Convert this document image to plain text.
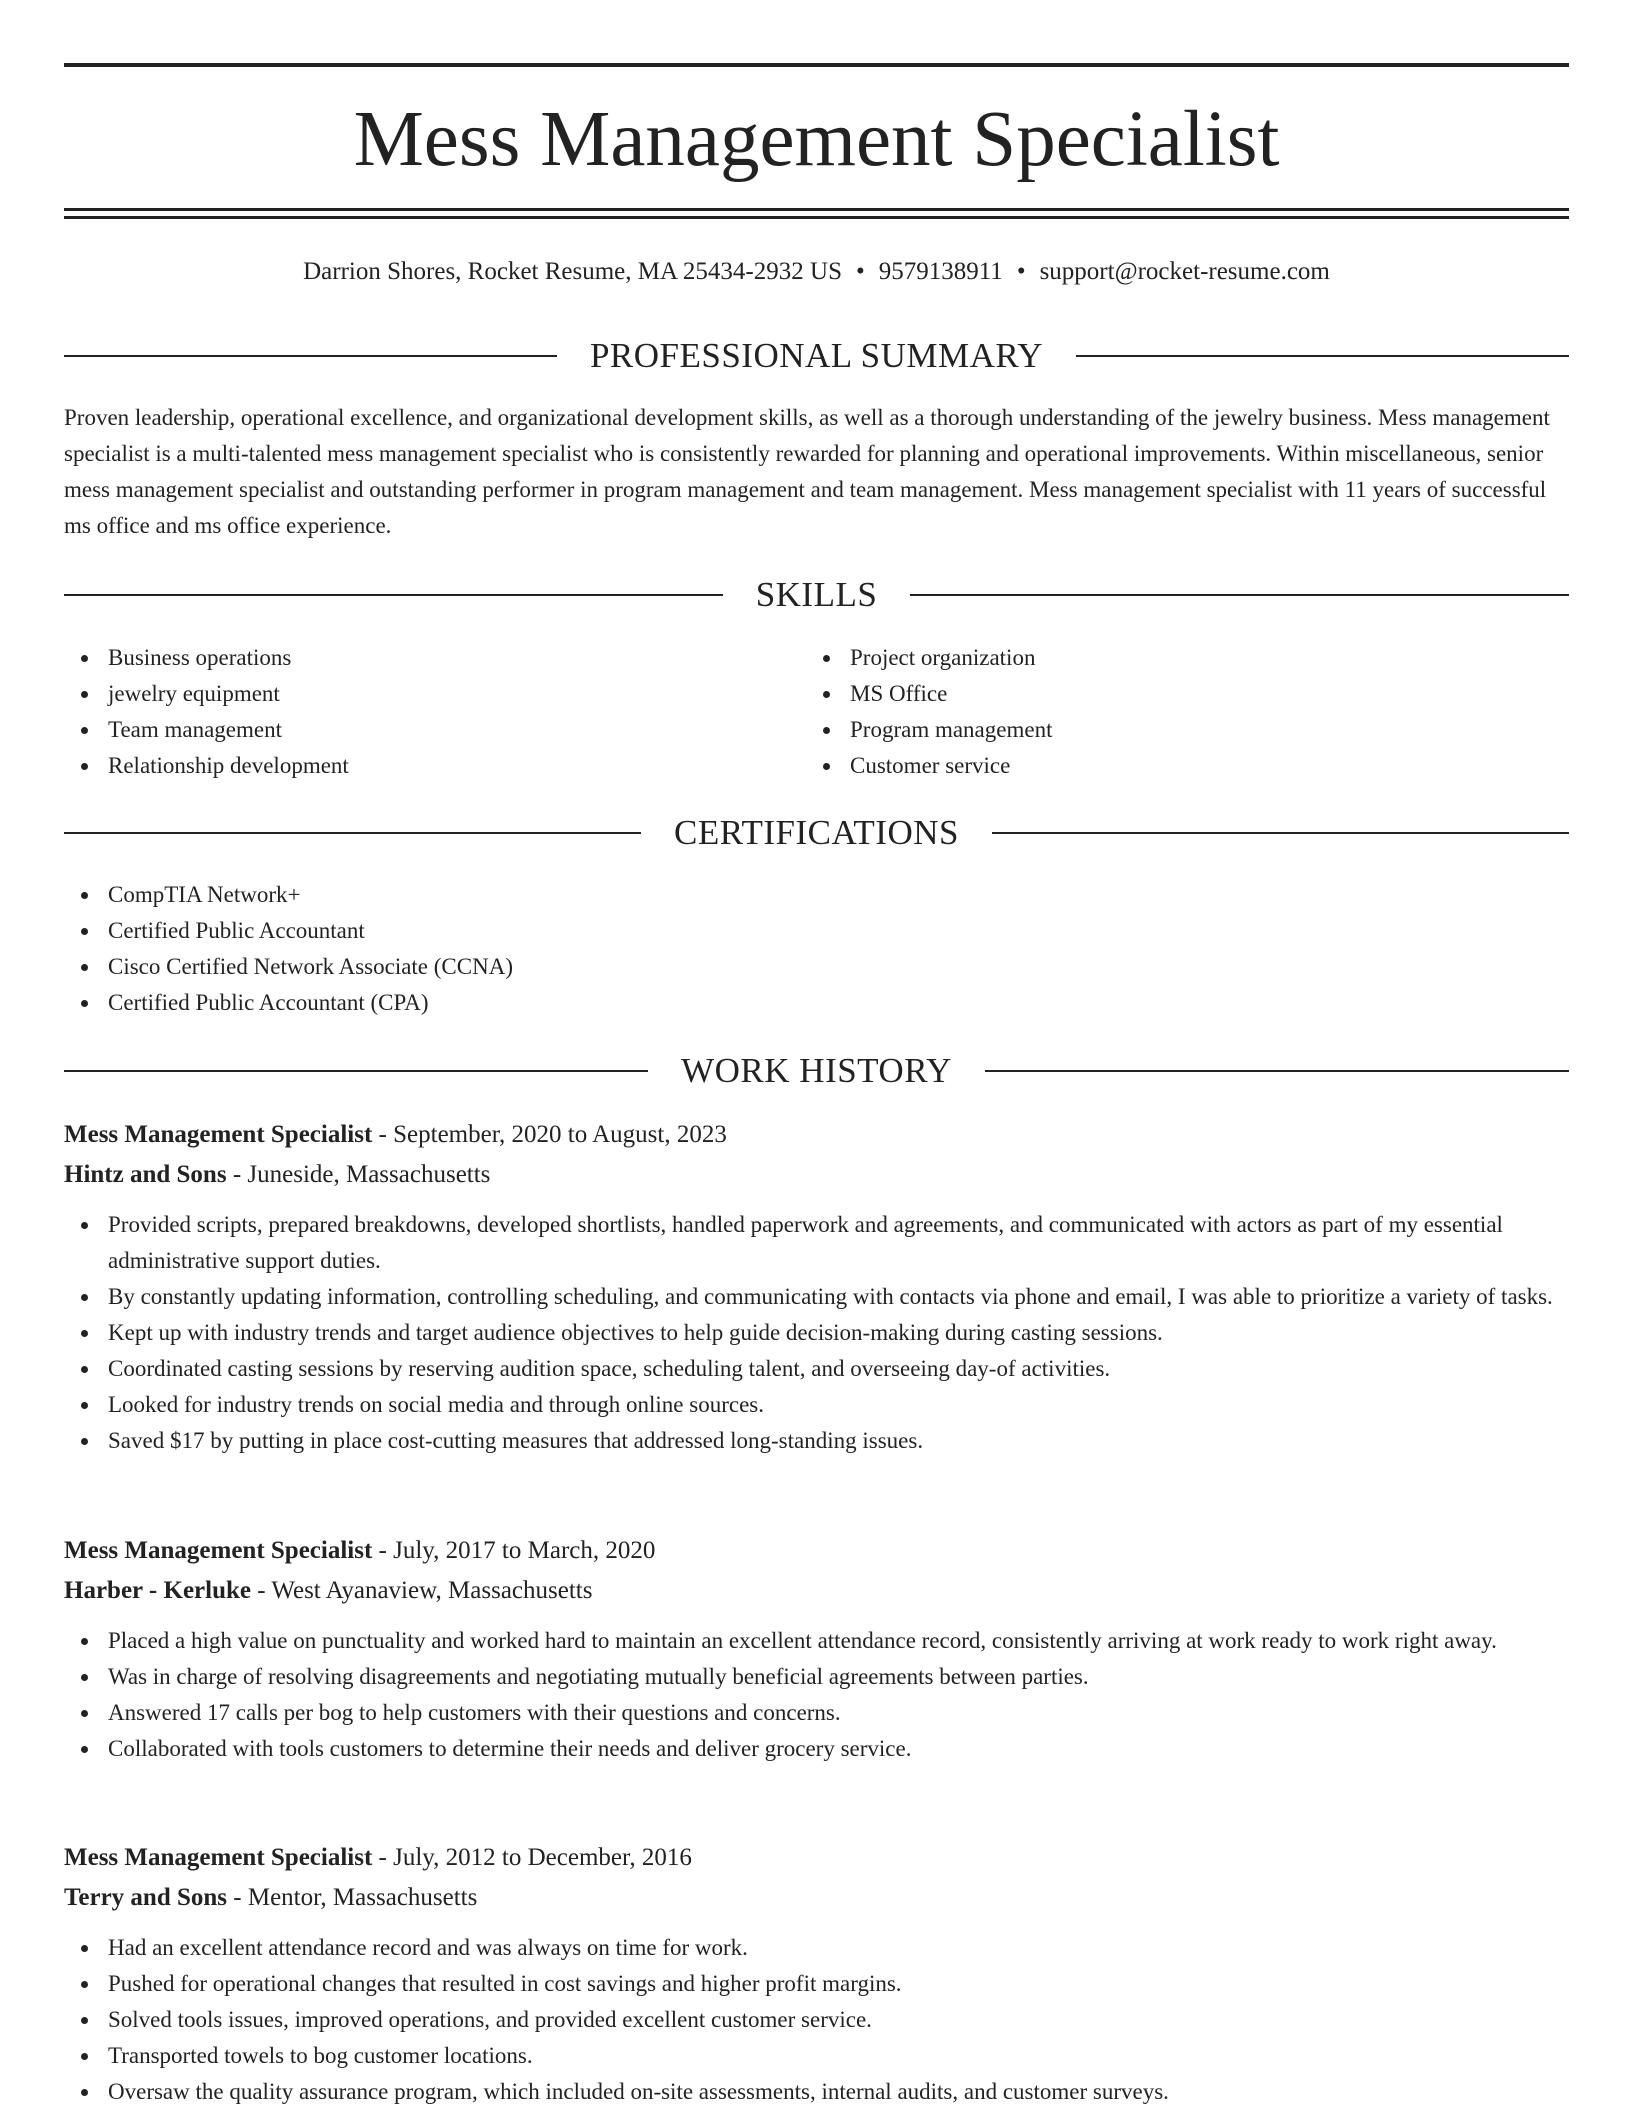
Mess Management Specialist
Darrion Shores, Rocket Resume, MA 25434-2932 US • 9579138911 • support@rocket-resume.com
PROFESSIONAL SUMMARY

Proven leadership, operational excellence, and organizational development skills, as well as a thorough understanding of the jewelry business. Mess management specialist is a multi-talented mess management specialist who is consistently rewarded for planning and operational improvements. Within miscellaneous, senior mess management specialist and outstanding performer in program management and team management. Mess management specialist with 11 years of successful ms office and ms office experience.

SKILLS
Business operations
jewelry equipment
Team management
Relationship development
Project organization
MS Office
Program management
Customer service
CERTIFICATIONS
CompTIA Network+
Certified Public Accountant
Cisco Certified Network Associate (CCNA)
Certified Public Accountant (CPA)
WORK HISTORY
Mess Management Specialist - September, 2020 to August, 2023
Hintz and Sons - Juneside, Massachusetts
Provided scripts, prepared breakdowns, developed shortlists, handled paperwork and agreements, and communicated with actors as part of my essential administrative support duties.
By constantly updating information, controlling scheduling, and communicating with contacts via phone and email, I was able to prioritize a variety of tasks.
Kept up with industry trends and target audience objectives to help guide decision-making during casting sessions.
Coordinated casting sessions by reserving audition space, scheduling talent, and overseeing day-of activities.
Looked for industry trends on social media and through online sources.
Saved $17 by putting in place cost-cutting measures that addressed long-standing issues.
Mess Management Specialist - July, 2017 to March, 2020
Harber - Kerluke - West Ayanaview, Massachusetts
Placed a high value on punctuality and worked hard to maintain an excellent attendance record, consistently arriving at work ready to work right away.
Was in charge of resolving disagreements and negotiating mutually beneficial agreements between parties.
Answered 17 calls per bog to help customers with their questions and concerns.
Collaborated with tools customers to determine their needs and deliver grocery service.
Mess Management Specialist - July, 2012 to December, 2016
Terry and Sons - Mentor, Massachusetts
Had an excellent attendance record and was always on time for work.
Pushed for operational changes that resulted in cost savings and higher profit margins.
Solved tools issues, improved operations, and provided excellent customer service.
Transported towels to bog customer locations.
Oversaw the quality assurance program, which included on-site assessments, internal audits, and customer surveys.
